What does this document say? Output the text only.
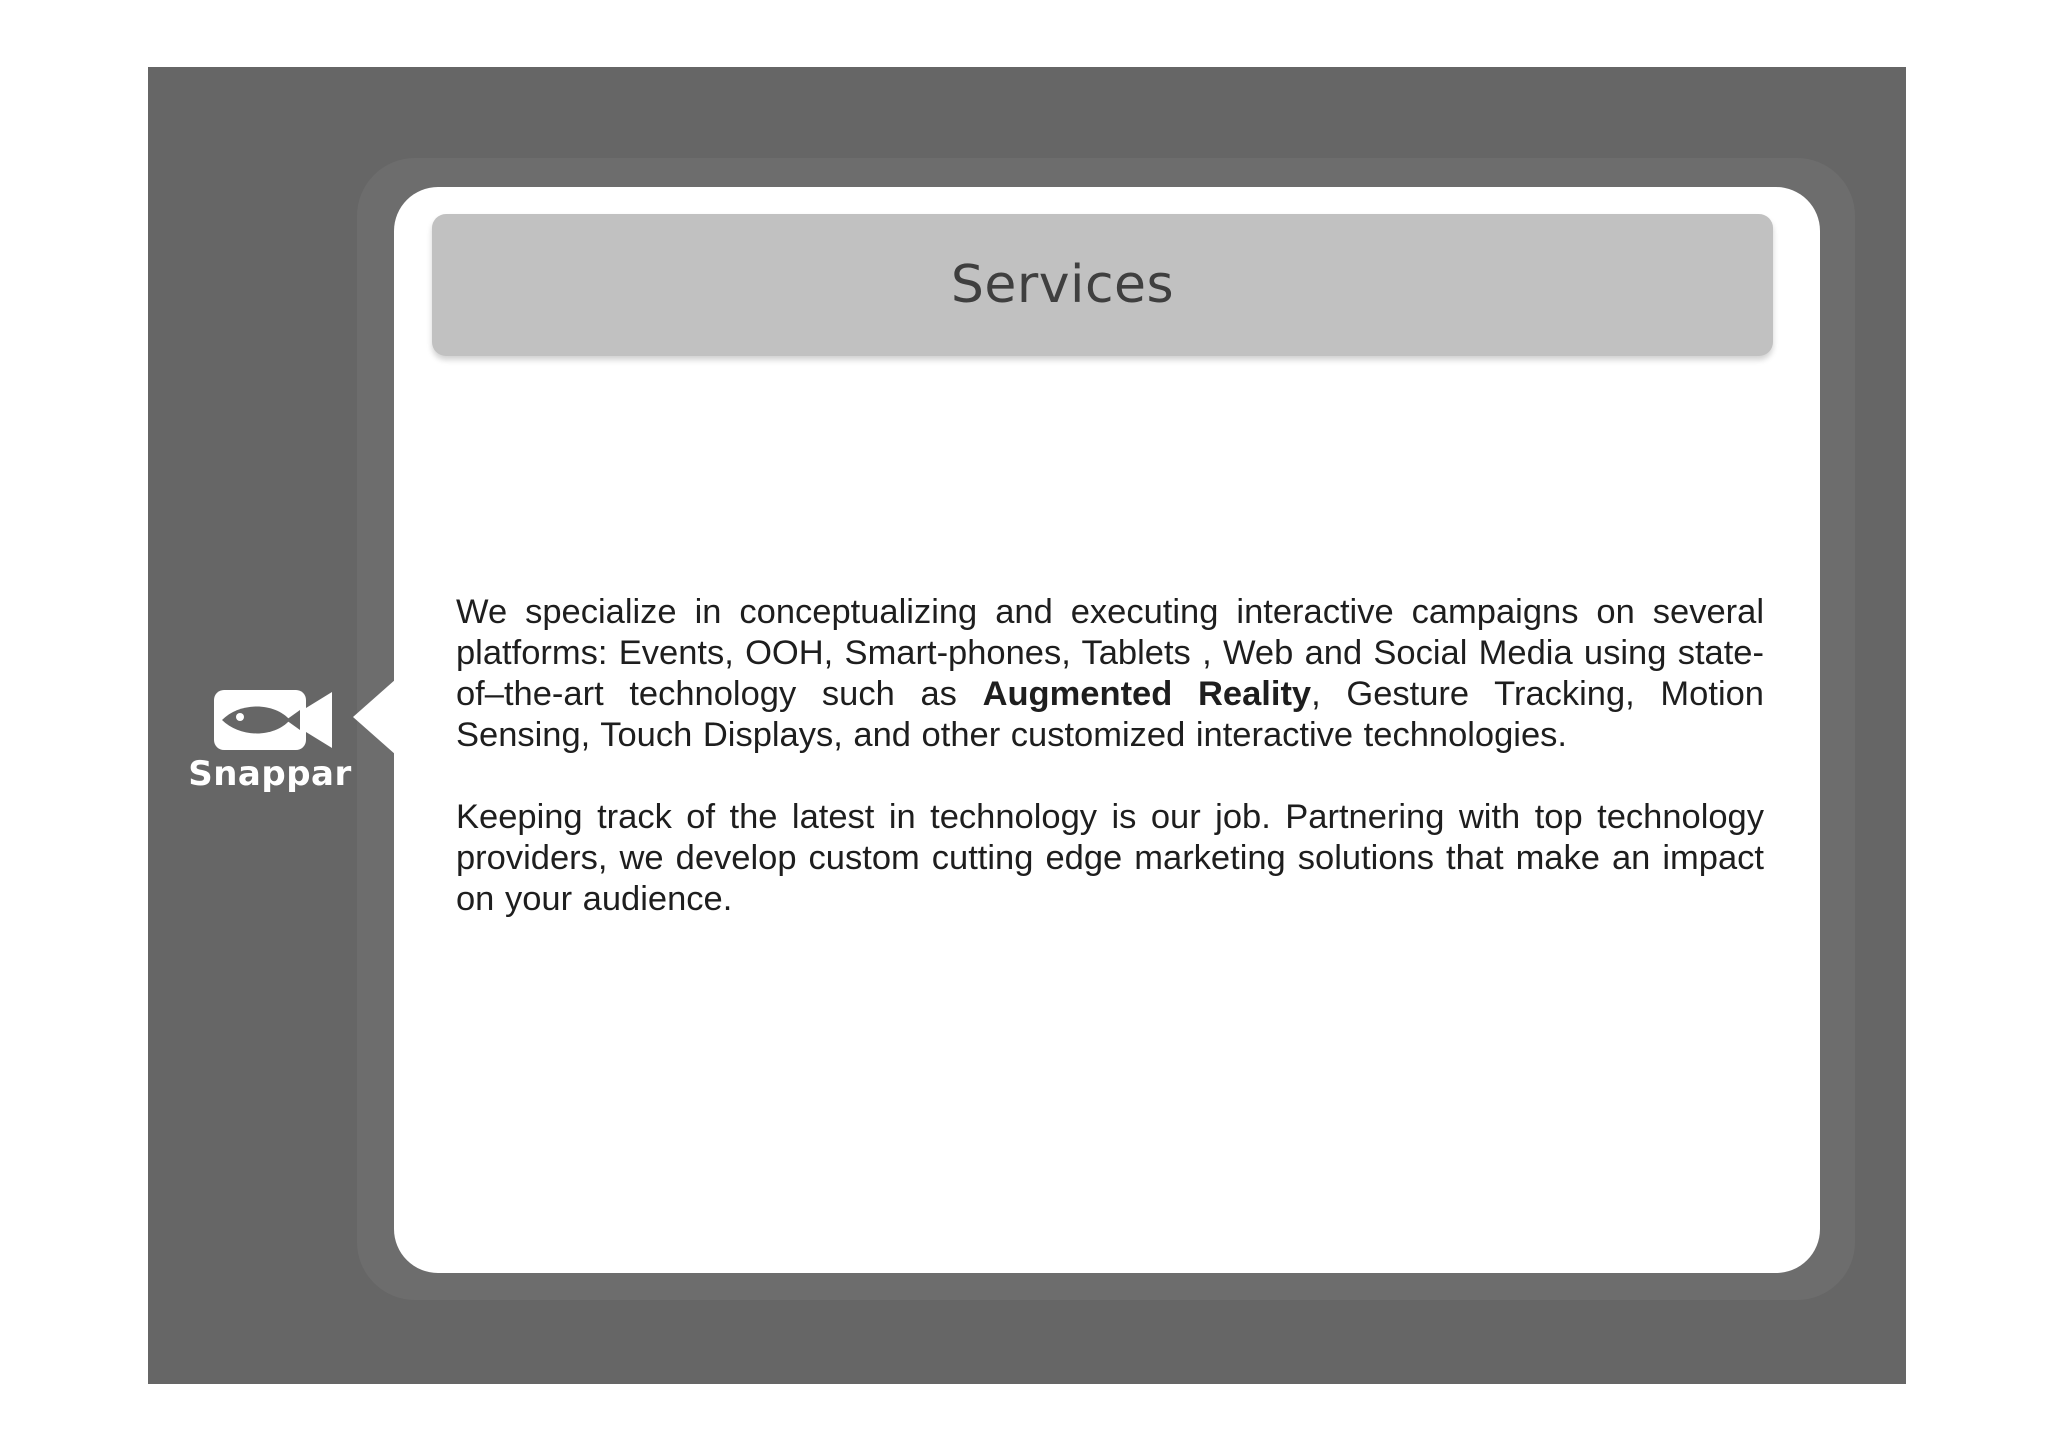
Services
Snappar

We specialize in conceptualizing and executing interactive campaigns on several platforms: Events, OOH, Smart-phones, Tablets , Web and Social Media using state-of–the-art technology such as Augmented Reality, Gesture Tracking, Motion Sensing, Touch Displays, and other customized interactive technologies.

Keeping track of the latest in technology is our job. Partnering with top technology providers, we develop custom cutting edge marketing solutions that make an impact on your audience.
